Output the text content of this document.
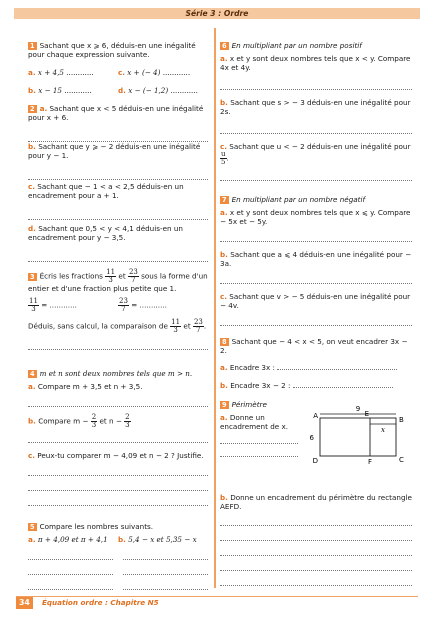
Série 3 : Ordre
1 Sachant que x ⩾ 6, déduis-en une inégalité pour chaque expression suivante.
a. x + 4,5 ............	c. x + (− 4) ............
b. x − 15 ............	d. x − (− 1,2) ............
2 a. Sachant que x < 5 déduis-en une inégalité pour x + 6.
b. Sachant que y ⩾ − 2 déduis-en une inégalité pour y − 1.
c. Sachant que − 1 < a < 2,5 déduis-en un encadrement pour a + 1.
d. Sachant que 0,5 < y < 4,1 déduis-en un encadrement pour y − 3,5.
3 Écris les fractions $\frac{11}{3}$ et $\frac{23}{7}$ sous la forme d'un entier et d'une fraction plus petite que 1.
$\frac{11}{3}$ = ............	$\frac{23}{7}$ = ............
Déduis, sans calcul, la comparaison de $\frac{11}{3}$ et $\frac{23}{7}$ .
4 m et n sont deux nombres tels que m > n.
a. Compare m + 3,5 et n + 3,5.
b. Compare $m - \frac{2}{3}$ et $n - \frac{2}{3}$
c. Peux-tu comparer m − 4,09 et n − 2 ? Justifie.
5 Compare les nombres suivants.
a. π + 4,09 et π + 4,1	b. 5,4 − x et 5,35 − x
6 En multipliant par un nombre positif
a. x et y sont deux nombres tels que x < y. Compare 4x et 4y.
b. Sachant que s > − 3 déduis-en une inégalité pour 2s.
c. Sachant que u < − 2 déduis-en une inégalité pour
$\frac{u}{5}$ .
7 En multipliant par un nombre négatif
a. x et y sont deux nombres tels que x ⩽ y. Compare − 5x et − 5y.
b. Sachant que a ⩽ 4 déduis-en une inégalité pour − 3a.
c. Sachant que v > − 5 déduis-en une inégalité pour − 4v.
8 Sachant que − 4 < x < 5, on veut encadrer 3x − 2.
a. Encadre 3x :
b. Encadre 3x − 2 :
9 Périmètre
a. Donne un encadrement de x.
9
A	E
B
C
D	F
6
x
b. Donne un encadrement du périmètre du rectangle AEFD.
34	Équation ordre : Chapitre N5
